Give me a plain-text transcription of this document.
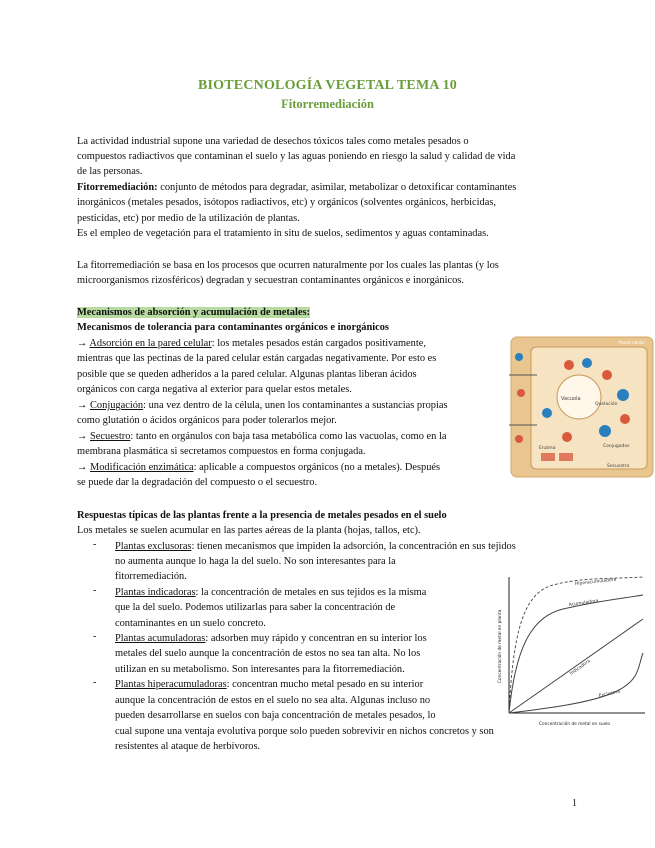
BIOTECNOLOGÍA VEGETAL TEMA 10
Fitorremediación
La actividad industrial supone una variedad de desechos tóxicos tales como metales pesados o
compuestos radiactivos que contaminan el suelo y las aguas poniendo en riesgo la salud y calidad de vida
de las personas.
Fitorremediación: conjunto de métodos para degradar, asimilar, metabolizar o detoxificar contaminantes
inorgánicos (metales pesados, isótopos radiactivos, etc) y orgánicos (solventes orgánicos, herbicidas,
pesticidas, etc) por medio de la utilización de plantas.
Es el empleo de vegetación para el tratamiento in situ de suelos, sedimentos y aguas contaminadas.
La fitorremediación se basa en los procesos que ocurren naturalmente por los cuales las plantas (y los
microorganismos rizosféricos) degradan y secuestran contaminantes orgánicos e inorgánicos.
Mecanismos de absorción y acumulación de metales:
Mecanismos de tolerancia para contaminantes orgánicos e inorgánicos
→ Adsorción en la pared celular: los metales pesados están cargados positivamente,
mientras que las pectinas de la pared celular están cargadas negativamente. Por esto es
posible que se queden adheridos a la pared celular. Algunas plantas liberan ácidos
orgánicos con carga negativa al exterior para quelar estos metales.
→ Conjugación: una vez dentro de la célula, unen los contaminantes a sustancias propias
como glutatión o ácidos orgánicos para poder tolerarlos mejor.
→ Secuestro: tanto en orgánulos con baja tasa metabólica como las vacuolas, como en la
membrana plasmática si secretamos compuestos en forma conjugada.
→ Modificación enzimática: aplicable a compuestos orgánicos (no a metales). Después
se puede dar la degradación del compuesto o el secuestro.
Vacuola
Pared celular
Quelación
Conjugados
Enzima
Secuestro
Respuestas típicas de las plantas frente a la presencia de metales pesados en el suelo
Los metales se suelen acumular en las partes aéreas de la planta (hojas, tallos, etc).
- Plantas exclusoras: tienen mecanismos que impiden la adsorción, la concentración en sus tejidos
no aumenta aunque lo haga la del suelo. No son interesantes para la
fitorremediación.
- Plantas indicadoras: la concentración de metales en sus tejidos es la misma
que la del suelo. Podemos utilizarlas para saber la concentración de
contaminantes en un suelo concreto.
- Plantas acumuladoras: adsorben muy rápido y concentran en su interior los
metales del suelo aunque la concentración de estos no sea tan alta. No los
utilizan en su metabolismo. Son interesantes para la fitorremediación.
- Plantas hiperacumuladoras: concentran mucho metal pesado en su interior
aunque la concentración de estos en el suelo no sea alta. Algunas incluso no
pueden desarrollarse en suelos con baja concentración de metales pesados, lo
cual supone una ventaja evolutiva porque solo pueden sobrevivir en nichos concretos y son
resistentes al ataque de herbívoros.
Hiperacumuladora
Acumuladora
Indicadora
Exclusora
Concentración de metal en planta
Concentración de metal en suelo
1
